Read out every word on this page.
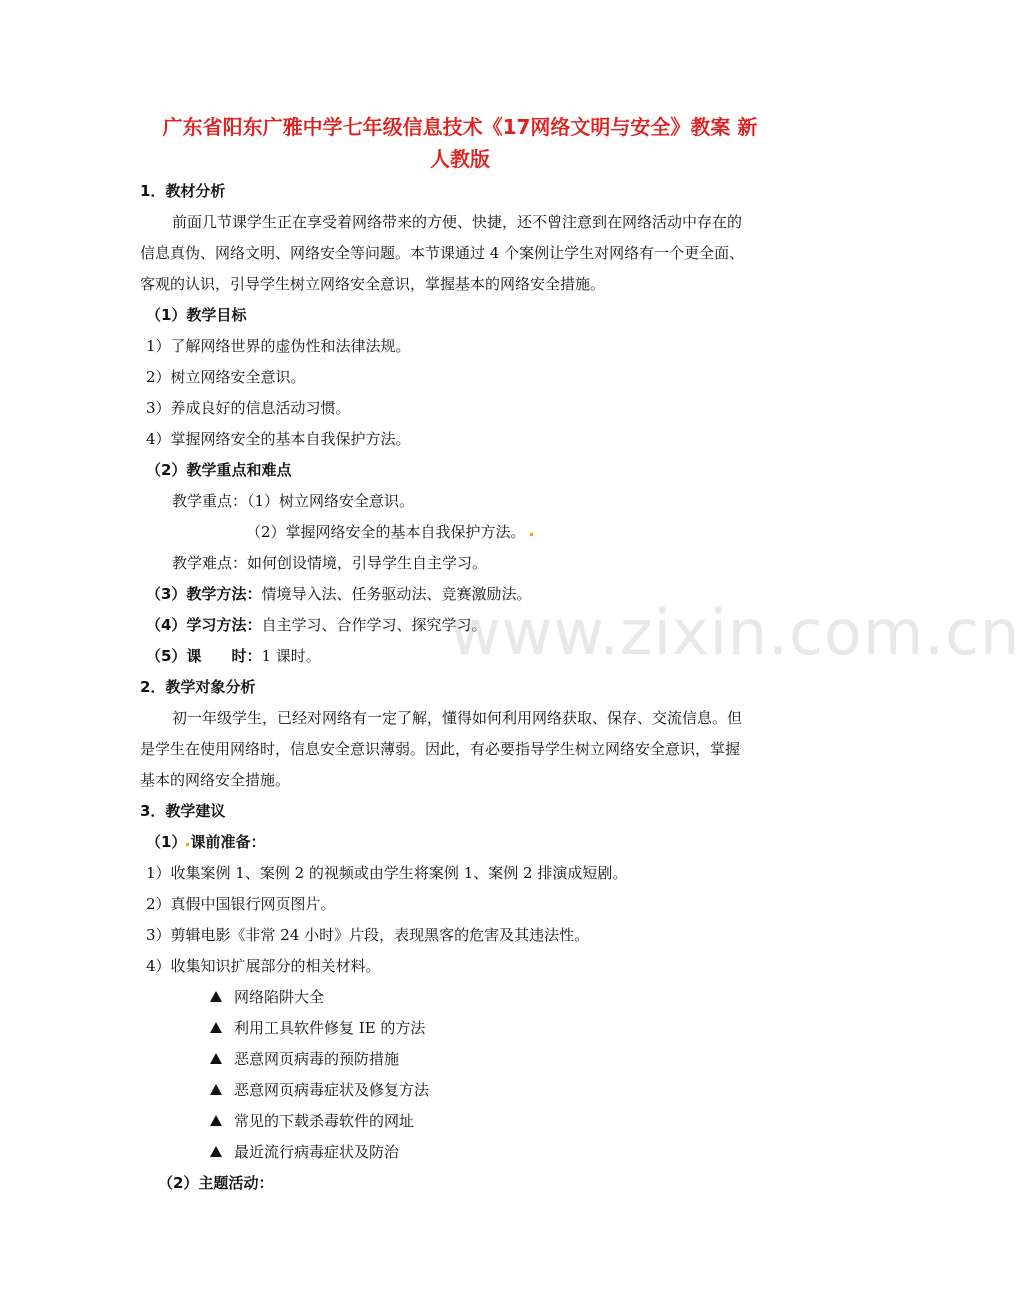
广东省阳东广雅中学七年级信息技术《17网络文明与安全》教案 新
人教版
1．教材分析
前面几节课学生正在享受着网络带来的方便、快捷，还不曾注意到在网络活动中存在的
信息真伪、网络文明、网络安全等问题。本节课通过 4 个案例让学生对网络有一个更全面、
客观的认识，引导学生树立网络安全意识，掌握基本的网络安全措施。
（1）教学目标
1）了解网络世界的虚伪性和法律法规。
2）树立网络安全意识。
3）养成良好的信息活动习惯。
4）掌握网络安全的基本自我保护方法。
（2）教学重点和难点
教学重点：（1）树立网络安全意识。
（2）掌握网络安全的基本自我保护方法。
教学难点：如何创设情境，引导学生自主学习。
（3）教学方法：情境导入法、任务驱动法、竞赛激励法。
（4）学习方法：自主学习、合作学习、探究学习。
（5）课　　时：1 课时。
2．教学对象分析
初一年级学生，已经对网络有一定了解，懂得如何利用网络获取、保存、交流信息。但
是学生在使用网络时，信息安全意识薄弱。因此，有必要指导学生树立网络安全意识，掌握
基本的网络安全措施。
3．教学建议
（1） 课前准备：
1）收集案例 1、案例 2 的视频或由学生将案例 1、案例 2 排演成短剧。
2）真假中国银行网页图片。
3）剪辑电影《非常 24 小时》片段，表现黑客的危害及其违法性。
4）收集知识扩展部分的相关材料。
网络陷阱大全
利用工具软件修复 IE 的方法
恶意网页病毒的预防措施
恶意网页病毒症状及修复方法
常见的下载杀毒软件的网址
最近流行病毒症状及防治
（2）主题活动：
www.zixin.com.cn
